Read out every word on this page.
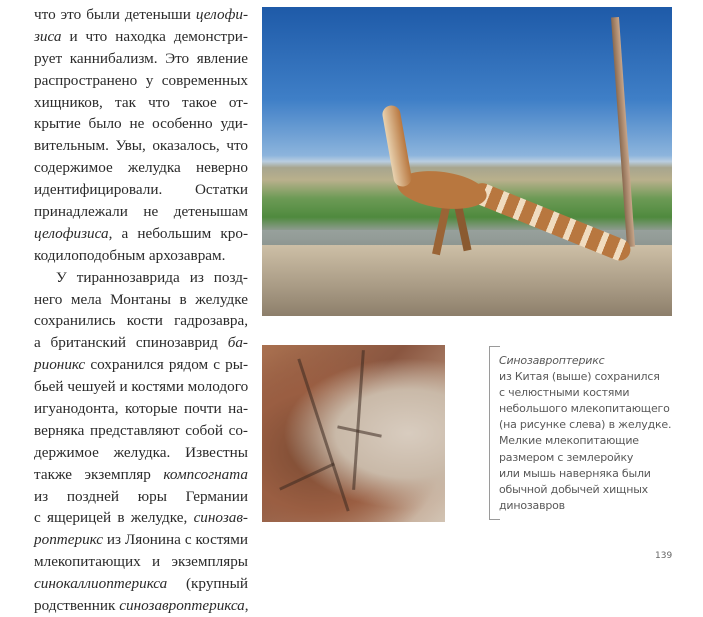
что это были детеныши целофи-
зиса и что находка демонстри-
рует каннибализм. Это явление
распространено у современных
хищников, так что такое от-
крытие было не особенно уди-
вительным. Увы, оказалось, что
содержимое желудка неверно
идентифицировали. Остатки
принадлежали не детенышам
целофизиса, а небольшим кро-
кодилоподобным архозаврам.
У тираннозаврида из позд-
него мела Монтаны в желудке
сохранились кости гадрозавра,
а британский спинозаврид ба-
рионикс сохранился рядом с ры-
бьей чешуей и костями молодого
игуанодонта, которые почти на-
верняка представляют собой со-
держимое желудка. Известны
также экземпляр компсогната
из поздней юры Германии
с ящерицей в желудке, синозав-
роптерикс из Ляонина с костями
млекопитающих и экземпляры
синокаллиоптерикса (крупный
родственник синозавроптерикса,
Синозавроптерикс
из Китая (выше) сохранился
с челюстными костями
небольшого млекопитающего
(на рисунке слева) в желудке.
Мелкие млекопитающие
размером с землеройку
или мышь наверняка были
обычной добычей хищных
динозавров
139
